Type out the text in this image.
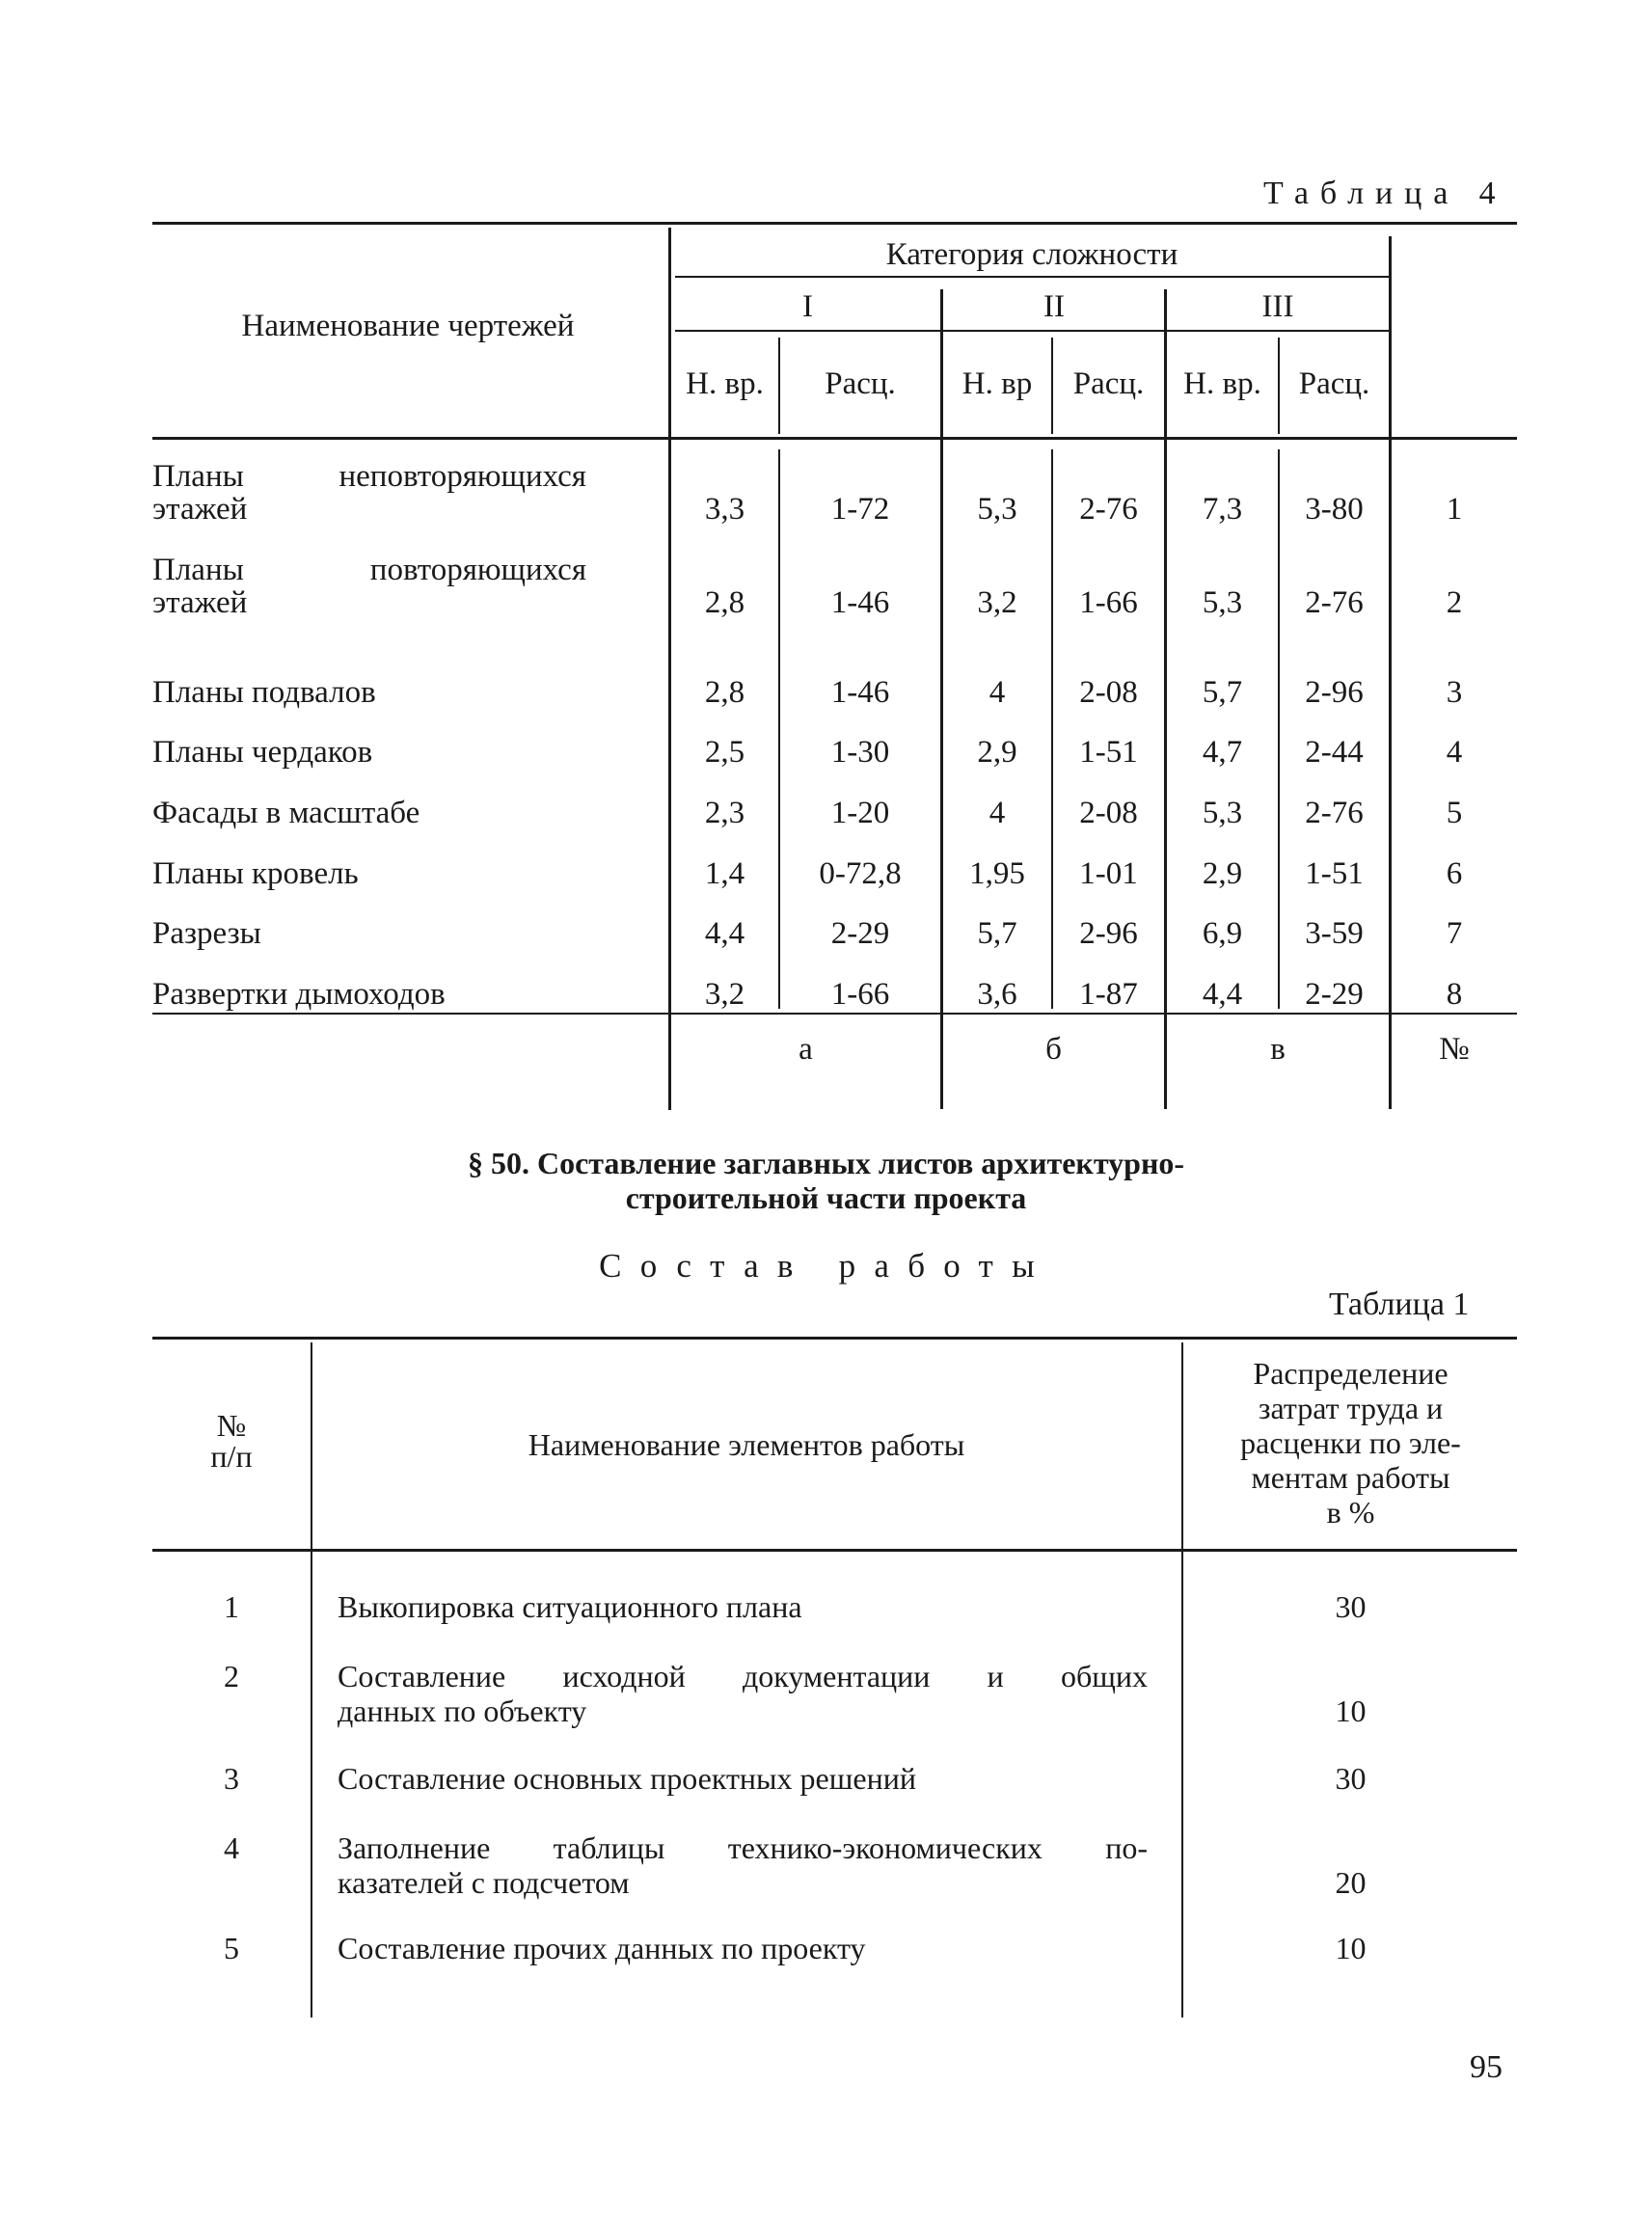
Таблица 4
Наименование чертежей
Категория сложности
I	II	III
Н. вр.	Расц.	Н. вр	Расц.	Н. вр.	Расц.
Планы неповторяющихся
этажей	3,3	1-72	5,3	2-76	7,3	3-80	1
Планы повторяющихся
этажей	2,8	1-46	3,2	1-66	5,3	2-76	2
Планы подвалов	2,8	1-46	4	2-08	5,7	2-96	3
Планы чердаков	2,5	1-30	2,9	1-51	4,7	2-44	4
Фасады в масштабе	2,3	1-20	4	2-08	5,3	2-76	5
Планы кровель	1,4	0-72,8	1,95	1-01	2,9	1-51	6
Разрезы	4,4	2-29	5,7	2-96	6,9	3-59	7
Развертки дымоходов	3,2	1-66	3,6	1-87	4,4	2-29	8
а	б	в	№
§ 50. Составление заглавных листов архитектурно-
строительной части проекта
Состав работы
Таблица 1
№
п/п	Наименование элементов работы
Распределение
затрат труда и
расценки по эле-
ментам работы
в %
1	Выкопировка ситуационного плана	30
2	Составление исходной документации и общих
данных по объекту	10
3	Составление основных проектных решений	30
4	Заполнение таблицы технико-экономических по-
казателей с подсчетом	20
5	Составление прочих данных по проекту	10
95
